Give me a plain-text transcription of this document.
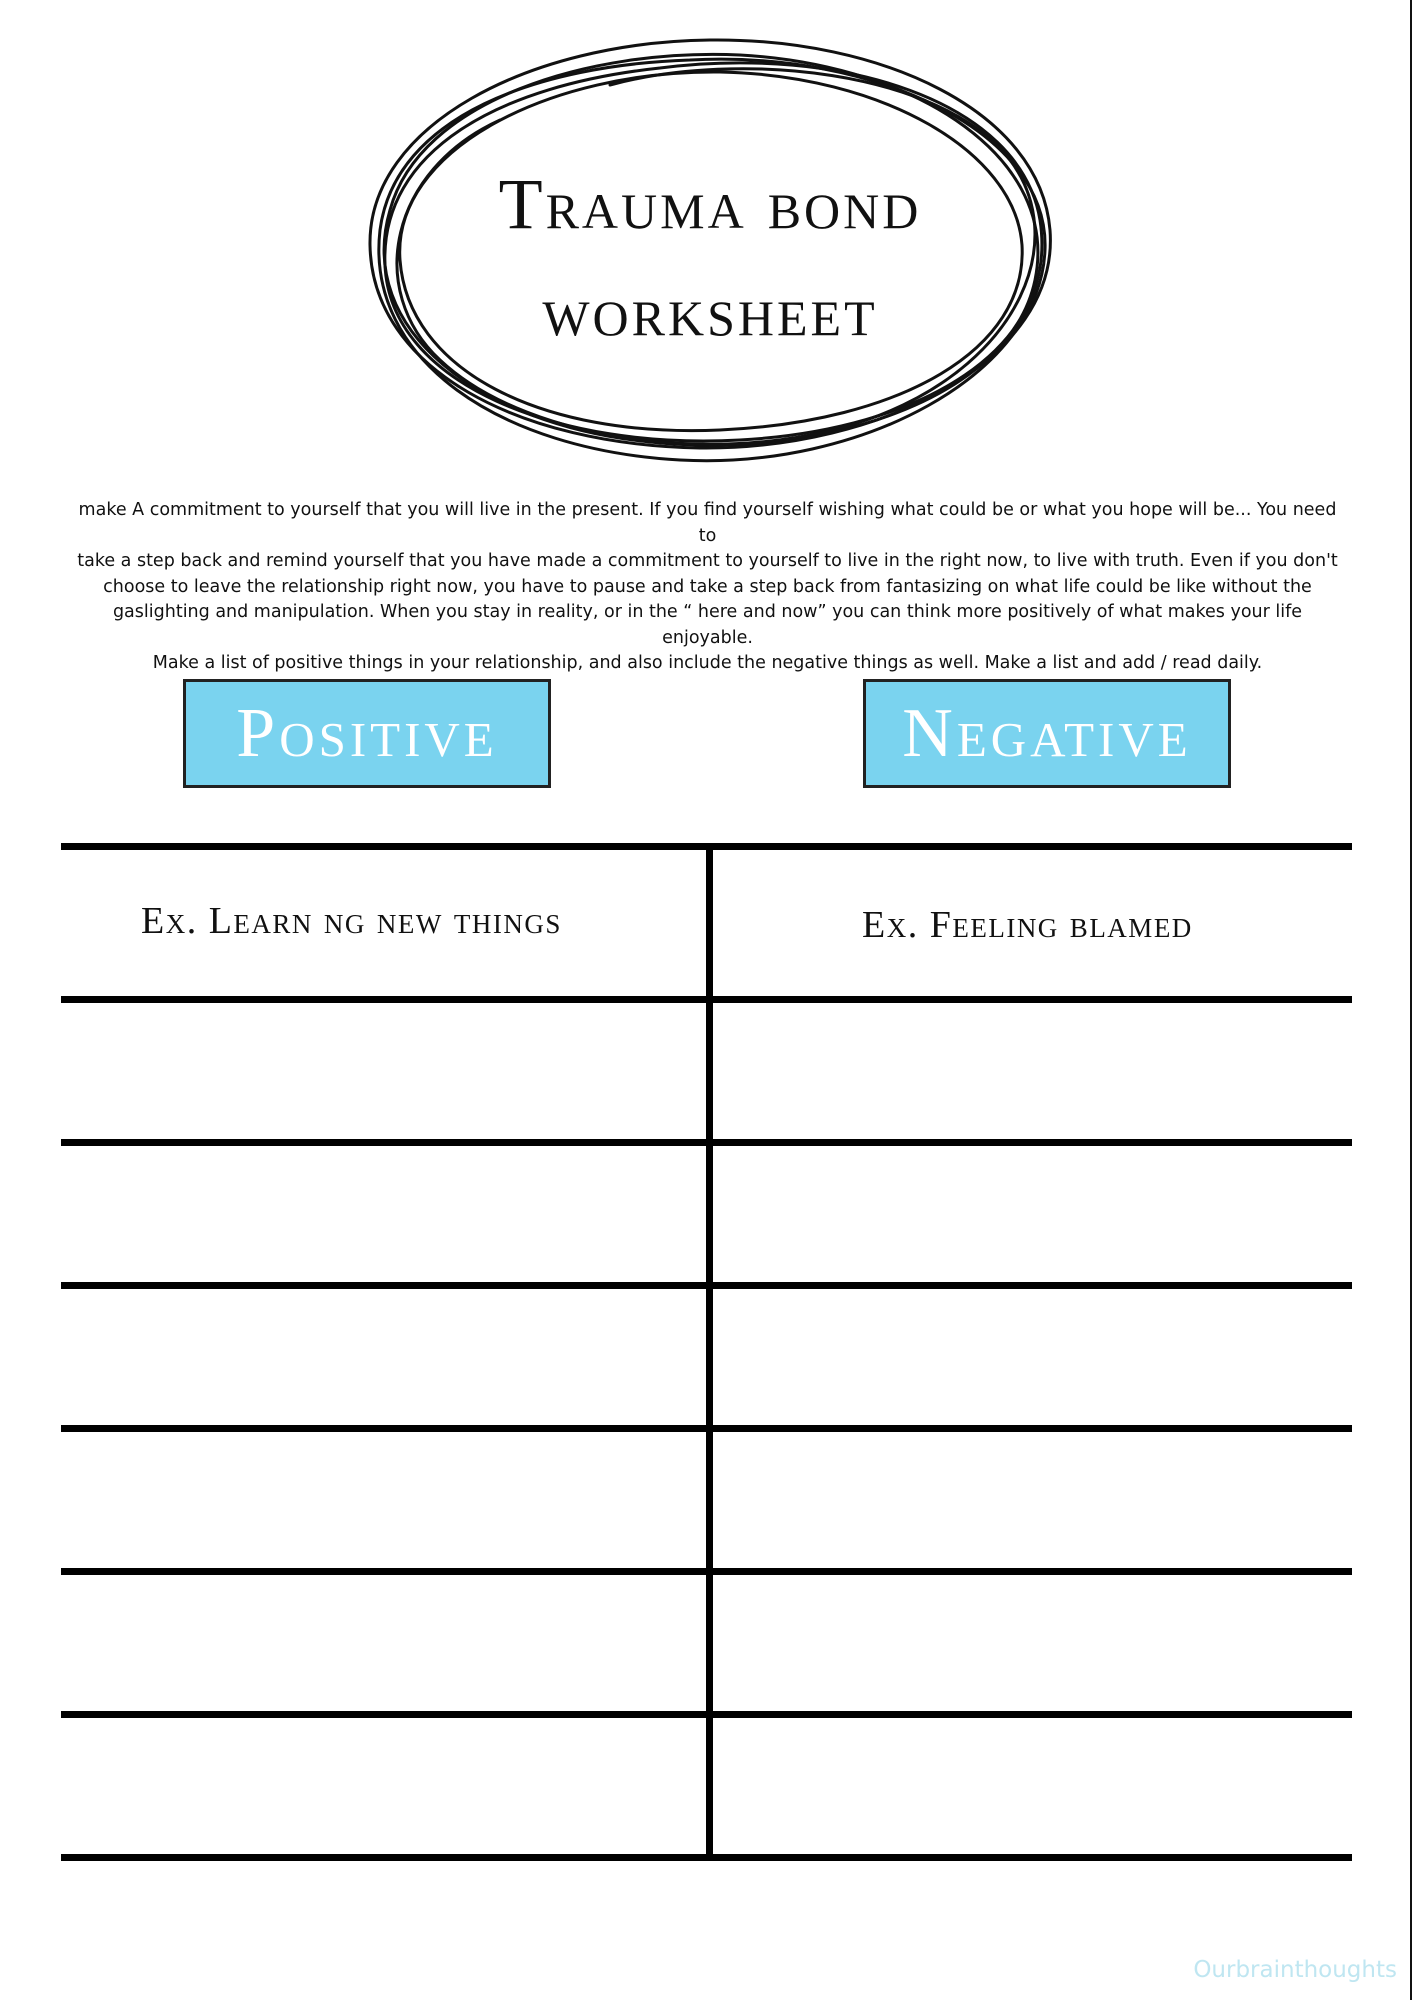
Trauma bond
worksheet
make A commitment to yourself that you will live in the present. If you find yourself wishing what could be or what you hope will be... You need to
take a step back and remind yourself that you have made a commitment to yourself to live in the right now, to live with truth. Even if you don't
choose to leave the relationship right now, you have to pause and take a step back from fantasizing on what life could be like without the
gaslighting and manipulation. When you stay in reality, or in the “ here and now” you can think more positively of what makes your life enjoyable.
Make a list of positive things in your relationship, and also include the negative things as well. Make a list and add / read daily.
Positive	Negative
Ex. Learn ng new things	Ex. Feeling blamed
Ourbrainthoughts
